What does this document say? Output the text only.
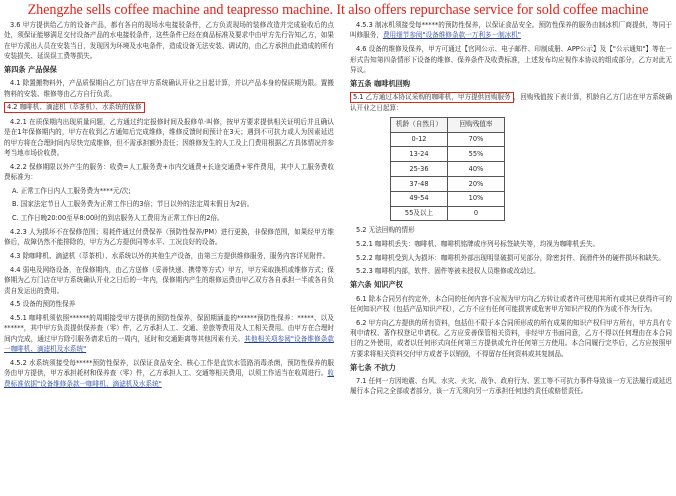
Zhengzhe sells coffee machine and teapresso machine. It also offers repurchase service for sold coffee machine

3.6 甲方提供给乙方的设备产品，都有各自的现场水电接驳条件，乙方负责现场的装修改造并完成验收后的点处，须保证能够满足交付设备产品的水电接驳条件，这些条件已经在商品标准及要求中由甲方先行告知乙方，如果在甲方派出人员在安装当日，发现因为环境及水电条件，造成设备无法安装、调试的，由乙方承担由此造成的所有安装损失、延误误工费等损失。

第四条 产品保保

4.1 除置搬物料外，产品质保期自乙方门店在甲方系统确认开业之日起计算，并以产品本身的保质期为限。置搬物料的安装、维修等由乙方自行负责。

4.2 咖啡机、滴滤机（萃茶机）、水系统的保修

4.2.1 在质保期内出现质量问题，乙方通过约定报修时间及报修单·叫修，按甲方要求提供相关证明后并且确认是在1年保修期内的，甲方在收到乙方通知后完成维修，维修反馈时间预计在3天；遇到不可抗力或人为因素延迟的甲方将在合理时间内尽快完成维修，但不需承担额外责任；因维修发生的人工及上门费用根据乙方具体情况并参考当地市场价收费。

4.2.2 保修期限以外产生的服务：收费=人工服务费+市内交通费+长途交通费+零件费用，其中人工服务费收费标准为：

A. 正常工作日内人工服务费为****元/次;

B. 国家法定节日人工服务费为正常工作日的3倍；节日以外的法定周末假日为2倍。

C. 工作日晚20:00至早8:00时的到店服务人工费用为正常工作日的2倍。

4.2.3 人为损坏不在保修范围；易耗件通过付费保养（预防性保养/PM）进行更换，非保修范围，如果经甲方维修后，故障仍然不能排除的，甲方为乙方提供同等水平、工况良好的设备。

4.3 除咖啡机、滴滤机（萃茶机）、水系统以外的其他生产设备，由第三方提供维修服务，服务内容详见附件。

4.4 弱电及网络设备，在保修期内，由乙方送修（妥善快递、携带等方式）甲方，甲方采取换机或维修方式；保修期为乙方门店在甲方系统确认开业之日后的一年内，保修期内产生的维修运费由甲乙双方各自承担一半或各自负责自发运出的费用。

4.5 设备的预防性保养

4.5.1 咖啡机须依照******的周期接受甲方提供的预防性保养，保固期涵盖的******预防性保养：*****、以及******，其中甲方负责提供保养查（零）件，乙方承担人工、交通、差旅等费用及人工相关费用。由甲方在合理时间内完成，通过甲方除引服务请求后的一周内，延时和交通距离等其他因素有关。其他相关项参阅"设备维修条款一咖啡机、滴滤机及水系统"

4.5.2 水系统须接受每*****预防性保养，以保证食品安全、核心工作是直饮水管路消毒杀菌，预防性保养的服务由甲方提供，甲方承担耗材和保养查（零）件，乙方承担人工、交通等相关费用，以须工作适当在收周进行。收费标准依据"设备维修条款一咖啡机、滴滤机及水系统"

4.5.3 制冰机须接受每*****的预防性保养，以保证食品安全。预防性保养的服务由制冰机厂商提供，等同于叫修服务，费用细节参阅"设备维修条款一万利多一制冰机"

4.6 设备的维修及保养，甲方可通过【官网公示、电子邮件、印制成册、APP公示】及【"公示通知"】等在一形式告知第四条情形下设备的维修、保养条件及收费标准，上述发布均应视作本协议的组成部分，乙方对此无异议。

第五条 咖啡机回购

5.1 乙方通过本协议采购的咖啡机，甲方提供回购服务 ，回购残值按下表计算，机龄自乙方门店在甲方系统确认开业之日起算：

机龄（自然月）	回购残值率
0-12	70%
13-24	55%
25-36	40%
37-48	20%
49-54	10%
55及以上	0

5.2 无法回购的情形

5.2.1 咖啡机丢失：咖啡机、咖啡机铭牌或序列号标签缺失等，均视为咖啡机丢失。

5.2.2 咖啡机受到人为损坏：咖啡机外部出现明显破损可见部分，除密封件、润滑件外的硬件损坏和缺失。

5.2.3 咖啡机内部，软件、固件等被未授权人员维修或改动过。

第六条 知识产权

6.1 除本合同另有约定外，本合同的任何内容不应视为甲方向乙方转让或者许可使用其所有或其已获得许可的任何知识产权（包括产品知识产权），乙方不应有任何可能损害或危害甲方知识产权的作为或不作为行为。

6.2 甲方向乙方提供的所有资料，包括但不限于本合同所形成的所有成果的知识产权归甲方所有，甲方具有专利申请权、著作权登记申请权。乙方应妥善保管相关资料，非经甲方书面同意，乙方不得以任何理由在本合同目的之外使用，或者以任何形式向任何第三方提供或允许任何第三方使用。本合同履行完毕后，乙方应按照甲方要求将相关资料交付甲方或者予以销毁，不得留存任何资料或其复制品。

第七条 不抗力

7.1 任何一方因地震、台风、水灾、火灾、战争、政府行为、罢工等不可抗力事件导致该一方无法履行或延迟履行本合同之全部或者部分，该一方无须向另一方承担任何违约责任或赔偿责任。
